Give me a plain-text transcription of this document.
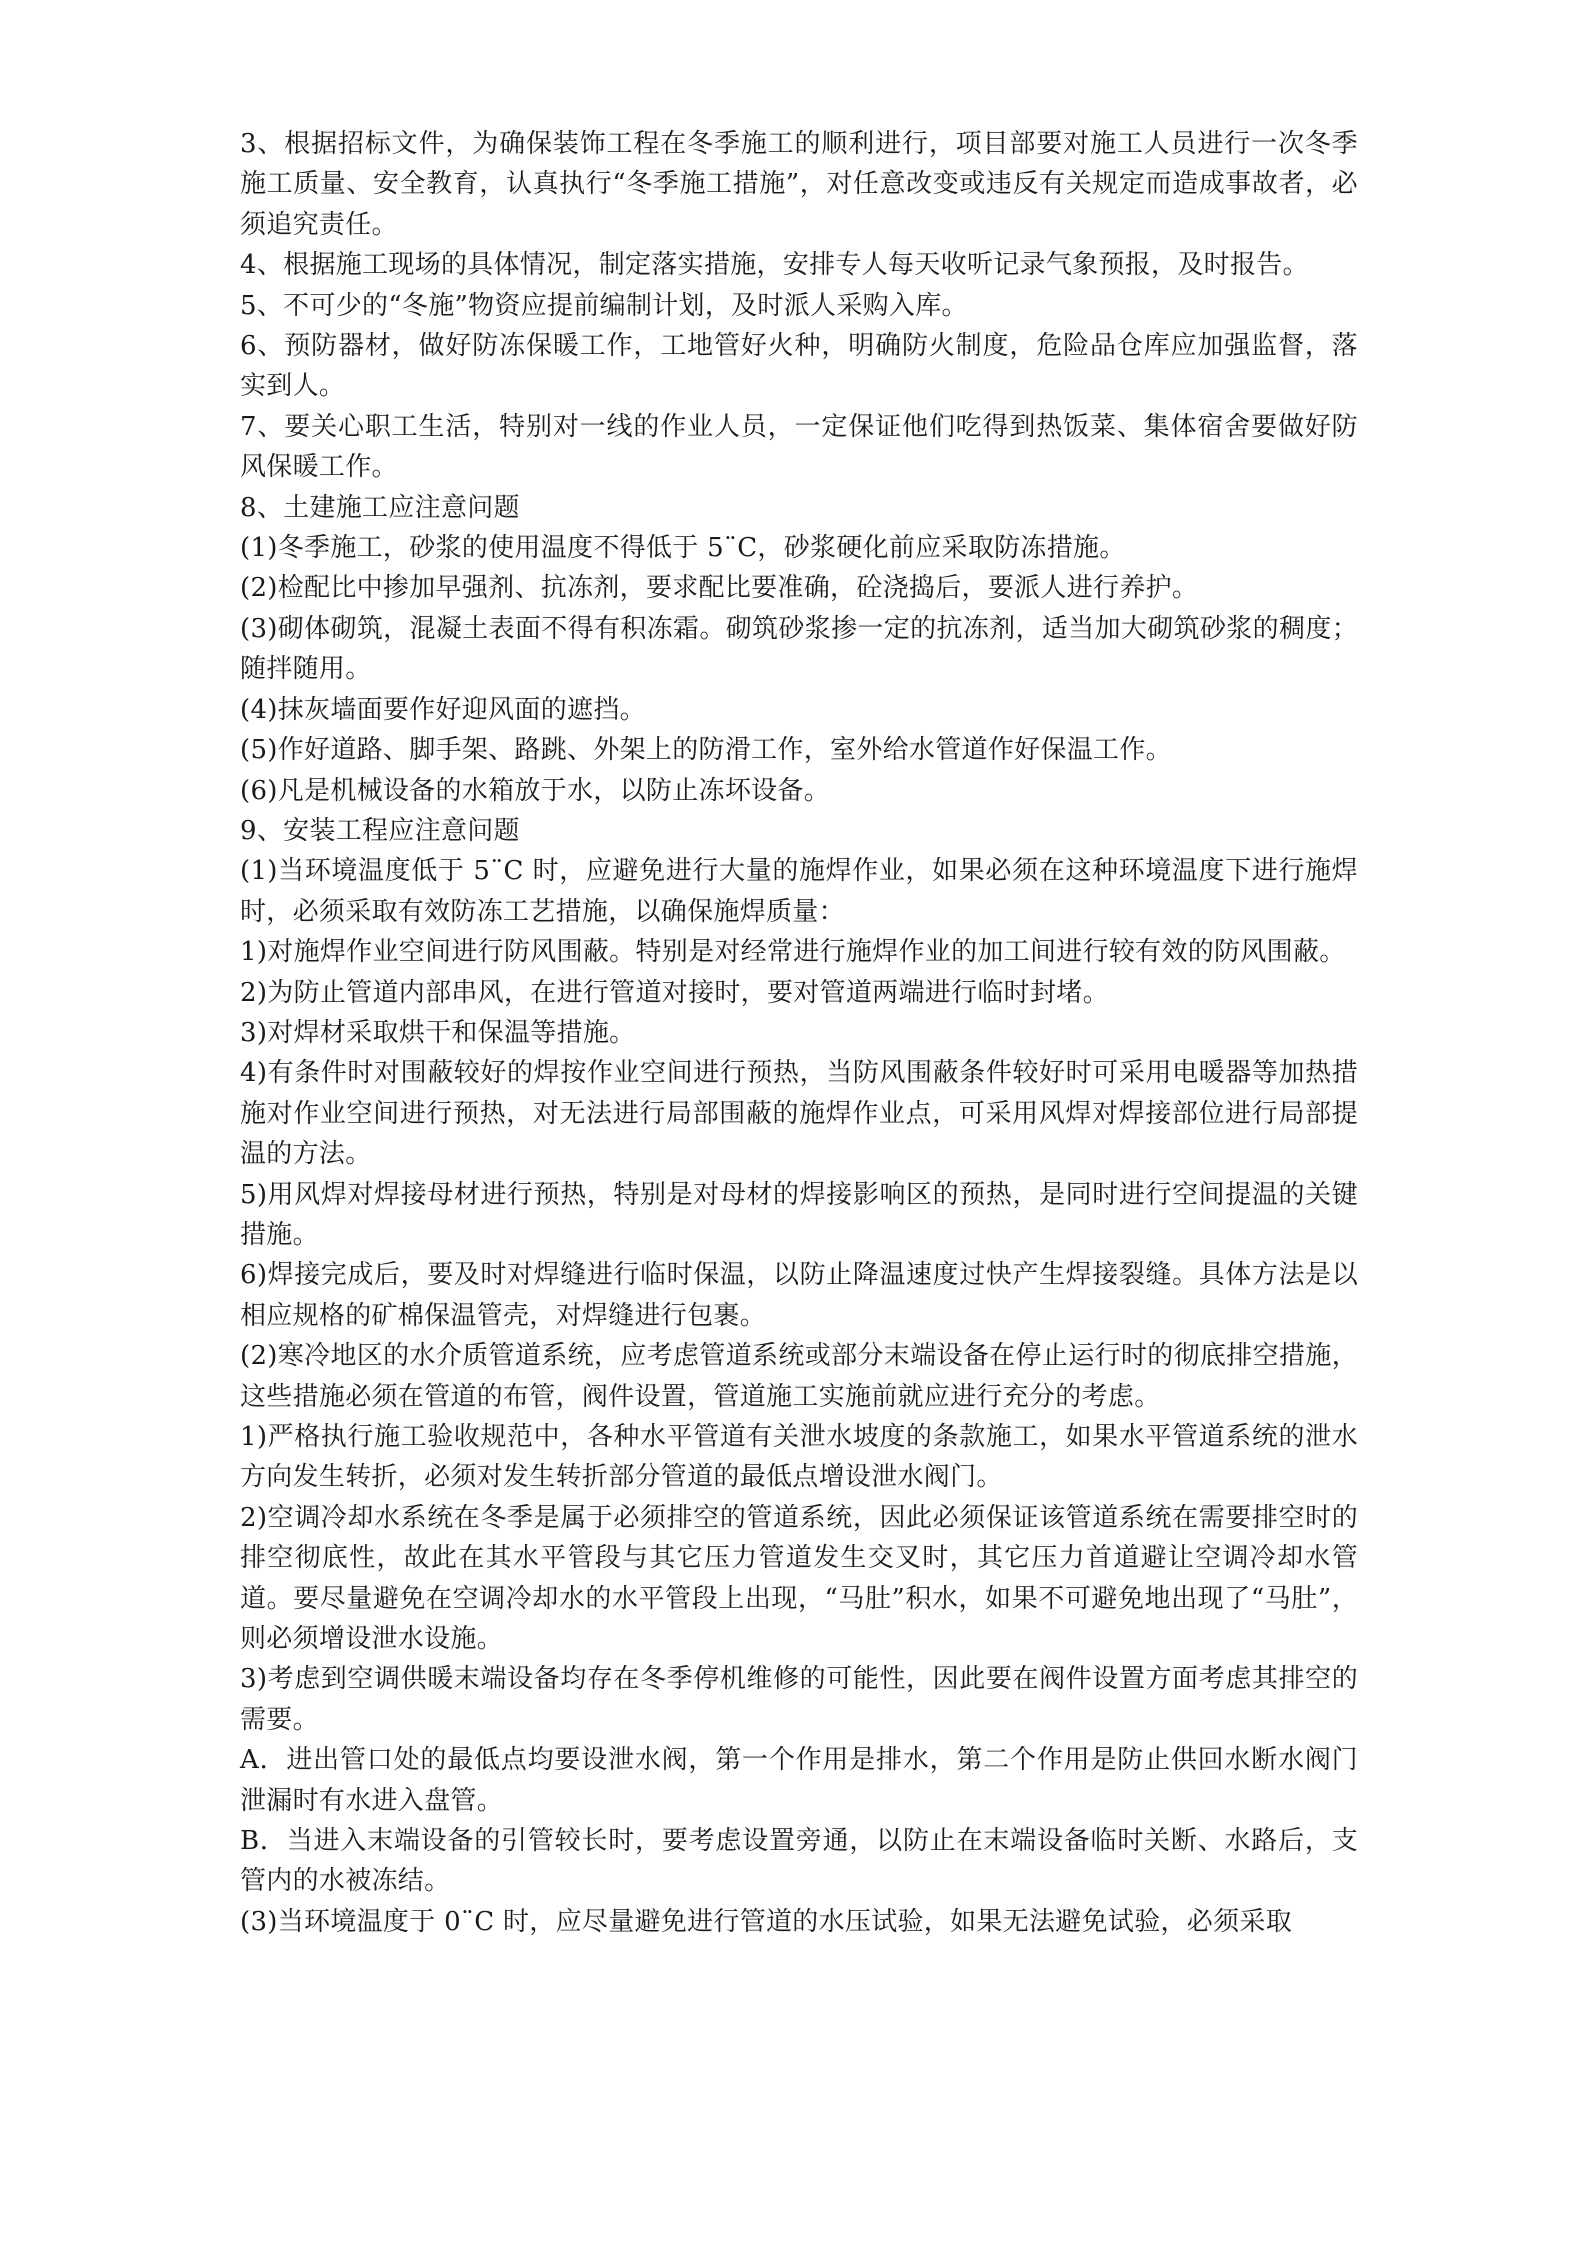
3、根据招标文件，为确保装饰工程在冬季施工的顺利进行，项目部要对施工人员进行一次冬季施工质量、安全教育，认真执行“冬季施工措施”，对任意改变或违反有关规定而造成事故者，必须追究责任。

4、根据施工现场的具体情况，制定落实措施，安排专人每天收听记录气象预报，及时报告。

5、不可少的“冬施”物资应提前编制计划，及时派人采购入库。

6、预防器材，做好防冻保暖工作，工地管好火种，明确防火制度，危险品仓库应加强监督，落实到人。

7、要关心职工生活，特别对一线的作业人员，一定保证他们吃得到热饭菜、集体宿舍要做好防风保暖工作。

8、土建施工应注意问题

(1)冬季施工，砂浆的使用温度不得低于 5¨C，砂浆硬化前应采取防冻措施。

(2)检配比中掺加早强剂、抗冻剂，要求配比要准确，砼浇捣后，要派人进行养护。

(3)砌体砌筑，混凝土表面不得有积冻霜。砌筑砂浆掺一定的抗冻剂，适当加大砌筑砂浆的稠度；随拌随用。

(4)抹灰墙面要作好迎风面的遮挡。

(5)作好道路、脚手架、路跳、外架上的防滑工作，室外给水管道作好保温工作。

(6)凡是机械设备的水箱放于水，以防止冻坏设备。

9、安装工程应注意问题

(1)当环境温度低于 5¨C 时，应避免进行大量的施焊作业，如果必须在这种环境温度下进行施焊时，必须采取有效防冻工艺措施，以确保施焊质量：

1)对施焊作业空间进行防风围蔽。特别是对经常进行施焊作业的加工间进行较有效的防风围蔽。

2)为防止管道内部串风，在进行管道对接时，要对管道两端进行临时封堵。

3)对焊材采取烘干和保温等措施。

4)有条件时对围蔽较好的焊按作业空间进行预热，当防风围蔽条件较好时可采用电暖器等加热措施对作业空间进行预热，对无法进行局部围蔽的施焊作业点，可采用风焊对焊接部位进行局部提温的方法。

5)用风焊对焊接母材进行预热，特别是对母材的焊接影响区的预热，是同时进行空间提温的关键措施。

6)焊接完成后，要及时对焊缝进行临时保温，以防止降温速度过快产生焊接裂缝。具体方法是以相应规格的矿棉保温管壳，对焊缝进行包裹。

(2)寒冷地区的水介质管道系统，应考虑管道系统或部分末端设备在停止运行时的彻底排空措施，这些措施必须在管道的布管，阀件设置，管道施工实施前就应进行充分的考虑。

1)严格执行施工验收规范中，各种水平管道有关泄水坡度的条款施工，如果水平管道系统的泄水方向发生转折，必须对发生转折部分管道的最低点增设泄水阀门。

2)空调冷却水系统在冬季是属于必须排空的管道系统，因此必须保证该管道系统在需要排空时的排空彻底性，故此在其水平管段与其它压力管道发生交叉时，其它压力首道避让空调冷却水管道。要尽量避免在空调冷却水的水平管段上出现，“马肚”积水，如果不可避免地出现了“马肚”，则必须增设泄水设施。

3)考虑到空调供暖末端设备均存在冬季停机维修的可能性，因此要在阀件设置方面考虑其排空的需要。

A．进出管口处的最低点均要设泄水阀，第一个作用是排水，第二个作用是防止供回水断水阀门泄漏时有水进入盘管。

B．当进入末端设备的引管较长时，要考虑设置旁通，以防止在末端设备临时关断、水路后，支管内的水被冻结。

(3)当环境温度于 0¨C 时，应尽量避免进行管道的水压试验，如果无法避免试验，必须采取
